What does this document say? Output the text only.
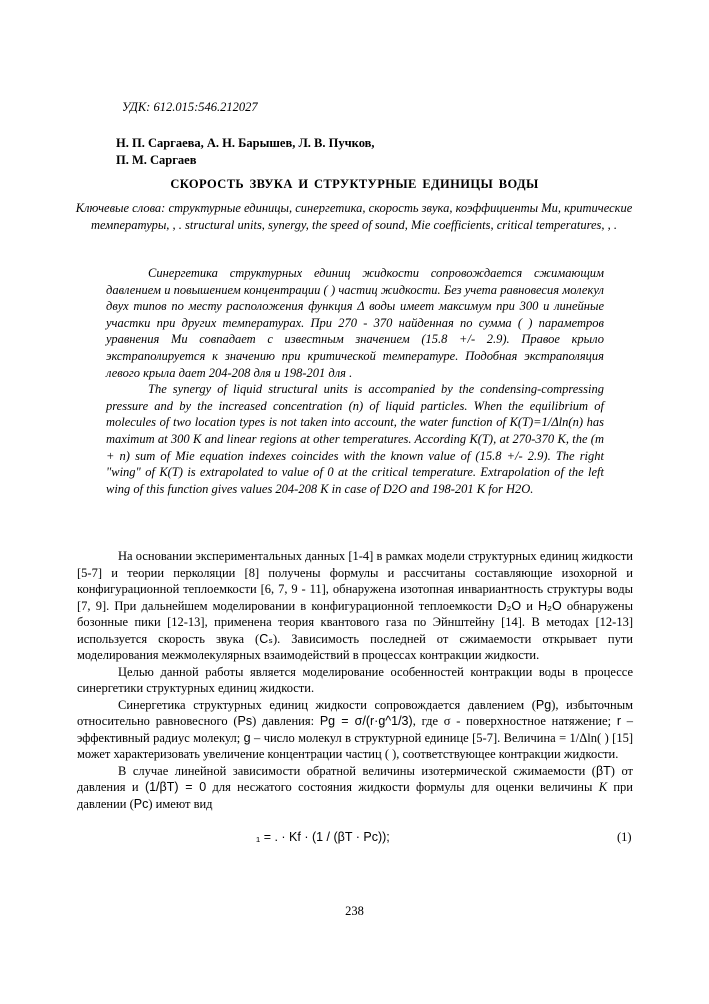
УДК: 612.015:546.212027
Н. П. Саргаева, А. Н. Барышев, Л. В. Пучков,
П. М. Саргаев
СКОРОСТЬ ЗВУКА И СТРУКТУРНЫЕ ЕДИНИЦЫ ВОДЫ
Ключевые слова: структурные единицы, синергетика, скорость звука, коэффициенты Ми, критические температуры, , . structural units, synergy, the speed of sound, Mie coefficients, critical temperatures, , .

Синергетика структурных единиц жидкости сопровождается сжимающим давлением и повышением концентрации ( ) частиц жидкости. Без учета равновесия молекул двух типов по месту расположения функция Δ воды имеет максимум при 300 и линейные участки при других температурах. При 270 - 370 найденная по сумма ( ) параметров уравнения Ми совпадает с известным значением (15.8 +/- 2.9). Правое крыло экстраполируется к значению при критической температуре. Подобная экстраполяция левого крыла дает 204-208 для и 198-201 для .

The synergy of liquid structural units is accompanied by the condensing-compressing pressure and by the increased concentration (n) of liquid particles. When the equilibrium of molecules of two location types is not taken into account, the water function of K(T)=1/Δln(n) has maximum at 300 K and linear regions at other temperatures. According K(T), at 270-370 K, the (m + n) sum of Mie equation indexes coincides with the known value of (15.8 +/- 2.9). The right "wing" of K(T) is extrapolated to value of 0 at the critical temperature. Extrapolation of the left wing of this function gives values 204-208 K in case of D2O and 198-201 K for H2O.

На основании экспериментальных данных [1-4] в рамках модели структурных единиц жидкости [5-7] и теории перколяции [8] получены формулы и рассчитаны составляющие изохорной и конфигурационной теплоемкости [6, 7, 9 - 11], обнаружена изотопная инвариантность структуры воды [7, 9]. При дальнейшем моделировании в конфигурационной теплоемкости D₂O и H₂O обнаружены бозонные пики [12-13], применена теория квантового газа по Эйнштейну [14]. В методах [12-13] используется скорость звука (Cₛ). Зависимость последней от сжимаемости открывает пути моделирования межмолекулярных взаимодействий в процессах контракции жидкости.

Целью данной работы является моделирование особенностей контракции воды в процессе синергетики структурных единиц жидкости.

Синергетика структурных единиц жидкости сопровождается давлением (Pg), избыточным относительно равновесного (Ps) давления: Pg = σ/(r·g^1/3), где σ - поверхностное натяжение; r – эффективный радиус молекул; g – число молекул в структурной единице [5-7]. Величина = 1/Δln( ) [15] может характеризовать увеличение концентрации частиц ( ), соответствующее контракции жидкости.

В случае линейной зависимости обратной величины изотермической сжимаемости (βT) от давления и (1/βT) = 0 для несжатого состояния жидкости формулы для оценки величины K при давлении (Pc) имеют вид

₁ = . · Kf · (1 / (βT · Pc));	(1)
238
